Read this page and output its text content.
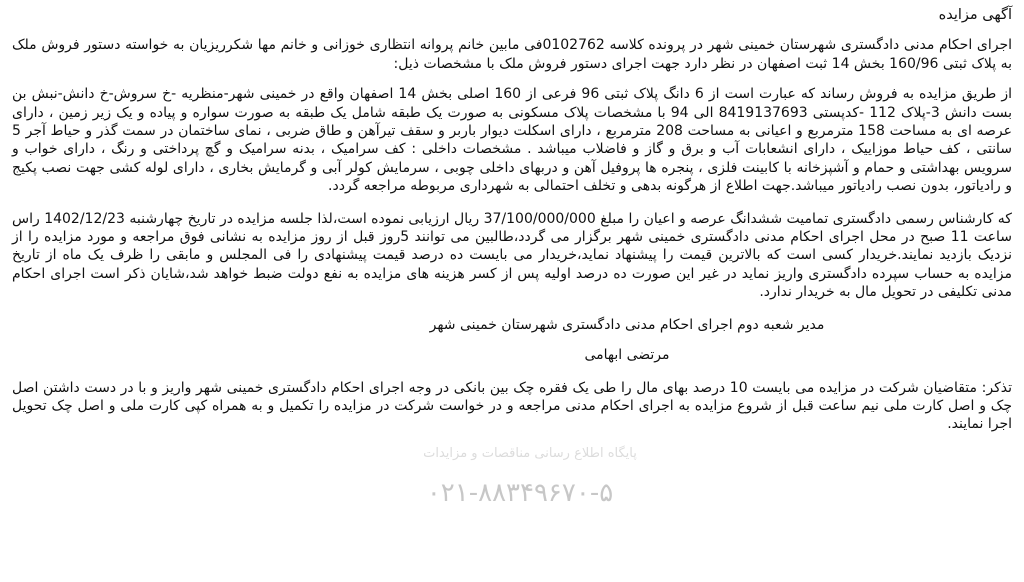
پایگاه اطلاع رسانی مناقصات و مزایدات
۰۲۱-۸۸۳۴۹۶۷۰-۵
آگهی مزایده

اجرای احکام مدنی دادگستری شهرستان خمینی شهر در پرونده کلاسه 0102762فی مابین خانم پروانه انتظاری خوزانی و خانم مها شکرریزیان به خواسته دستور فروش ملک به پلاک ثبتی 160/96 بخش 14 ثبت اصفهان در نظر دارد جهت اجرای دستور فروش ملک با مشخصات ذیل:

از طریق مزایده به فروش رساند که عبارت است از 6 دانگ پلاک ثبتی 96 فرعی از 160 اصلی بخش 14 اصفهان واقع در خمینی شهر-منظریه -خ سروش-خ دانش-نبش بن بست دانش 3-پلاک 112 -کدپستی 8419137693 الی 94 با مشخصات پلاک مسکونی به صورت یک طبقه شامل یک طبقه به صورت سواره و پیاده و یک زیر زمین ، دارای عرصه ای به مساحت 158 مترمربع و اعیانی به مساحت 208 مترمربع ، دارای اسکلت دیوار باربر و سقف تیرآهن و طاق ضربی ، نمای ساختمان در سمت گذر و حیاط آجر 5 سانتی ، کف حیاط موزاییک ، دارای انشعابات آب و برق و گاز و فاضلاب میباشد . مشخصات داخلی : کف سرامیک ، بدنه سرامیک و گچ پرداختی و رنگ ، دارای خواب و سرویس بهداشتی و حمام و آشپزخانه با کابینت فلزی ، پنجره ها پروفیل آهن و دربهای داخلی چوبی ، سرمایش کولر آبی و گرمایش بخاری ، دارای لوله کشی جهت نصب پکیج و رادیاتور، بدون نصب رادیاتور میباشد.جهت اطلاع از هرگونه بدهی و تخلف احتمالی به شهرداری مربوطه مراجعه گردد.

که کارشناس رسمی دادگستری تمامیت ششدانگ عرصه و اعیان را مبلغ 37/100/000/000 ریال ارزیابی نموده است،لذا جلسه مزایده در تاریخ چهارشنبه 1402/12/23 راس ساعت 11 صبح در محل اجرای احکام مدنی دادگستری خمینی شهر برگزار می گردد،طالبین می توانند 5روز قبل از روز مزایده به نشانی فوق مراجعه و مورد مزایده را از نزدیک بازدید نمایند.خریدار کسی است که بالاترین قیمت را پیشنهاد نماید،خریدار می بایست ده درصد قیمت پیشنهادی را فی المجلس و مابقی را ظرف یک ماه از تاریخ مزایده به حساب سپرده دادگستری واریز نماید در غیر این صورت ده درصد اولیه پس از کسر هزینه های مزایده به نفع دولت ضبط خواهد شد،شایان ذکر است اجرای احکام مدنی تکلیفی در تحویل مال به خریدار ندارد.

مدیر شعبه دوم اجرای احکام مدنی دادگستری شهرستان خمینی شهر

مرتضی ابهامی

تذکر: متقاضیان شرکت در مزایده می بایست 10 درصد بهای مال را طی یک فقره چک بین بانکی در وجه اجرای احکام دادگستری خمینی شهر واریز و با در دست داشتن اصل چک و اصل کارت ملی نیم ساعت قبل از شروع مزایده به اجرای احکام مدنی مراجعه و در خواست شرکت در مزایده را تکمیل و به همراه کپی کارت ملی و اصل چک تحویل اجرا نمایند.
